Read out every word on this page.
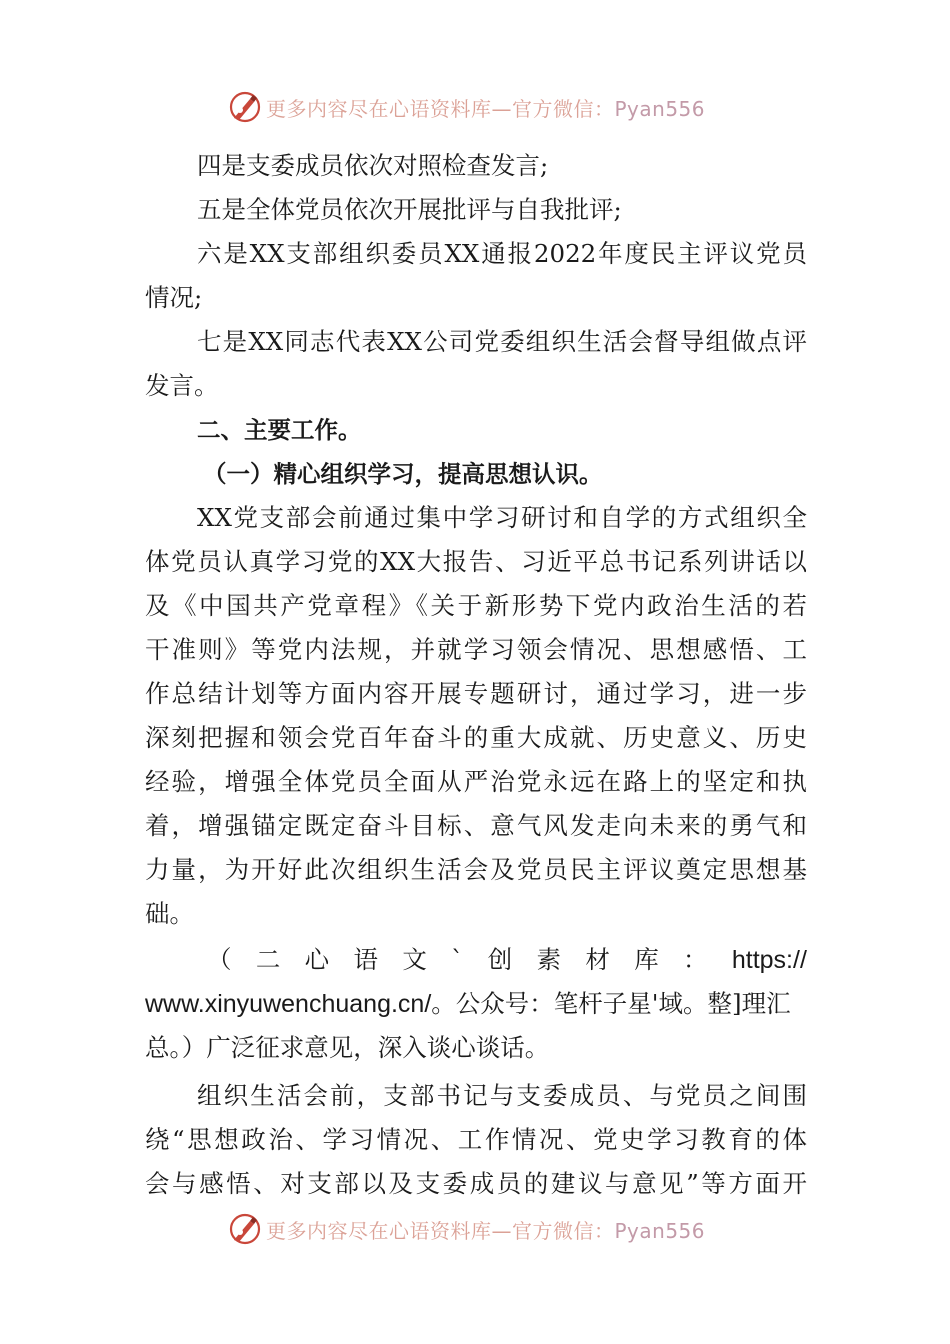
更多内容尽在心语资料库—官方微信：Pyan556
四是支委成员依次对照检查发言;
五是全体党员依次开展批评与自我批评;
六是XX支部组织委员XX通报2022年度民主评议党员
情况;
七是XX同志代表XX公司党委组织生活会督导组做点评
发言。
二、主要工作。
（一）精心组织学习，提高思想认识。
XX党支部会前通过集中学习研讨和自学的方式组织全
体党员认真学习党的XX大报告、习近平总书记系列讲话以
及《中国共产党章程》《关于新形势下党内政治生活的若
干准则》等党内法规，并就学习领会情况、思想感悟、工
作总结计划等方面内容开展专题研讨，通过学习，进一步
深刻把握和领会党百年奋斗的重大成就、历史意义、历史
经验，增强全体党员全面从严治党永远在路上的坚定和执
着，增强锚定既定奋斗目标、意气风发走向未来的勇气和
力量，为开好此次组织生活会及党员民主评议奠定思想基
础。
（ 二 心 语 文 ` 创 素 材 库 ： https://
www.xinyuwenchuang.cn/。公众号：笔杆子星'域。整]理汇
总。）广泛征求意见，深入谈心谈话。
组织生活会前，支部书记与支委成员、与党员之间围
绕“思想政治、学习情况、工作情况、党史学习教育的体
会与感悟、对支部以及支委成员的建议与意见”等方面开
更多内容尽在心语资料库—官方微信：Pyan556
